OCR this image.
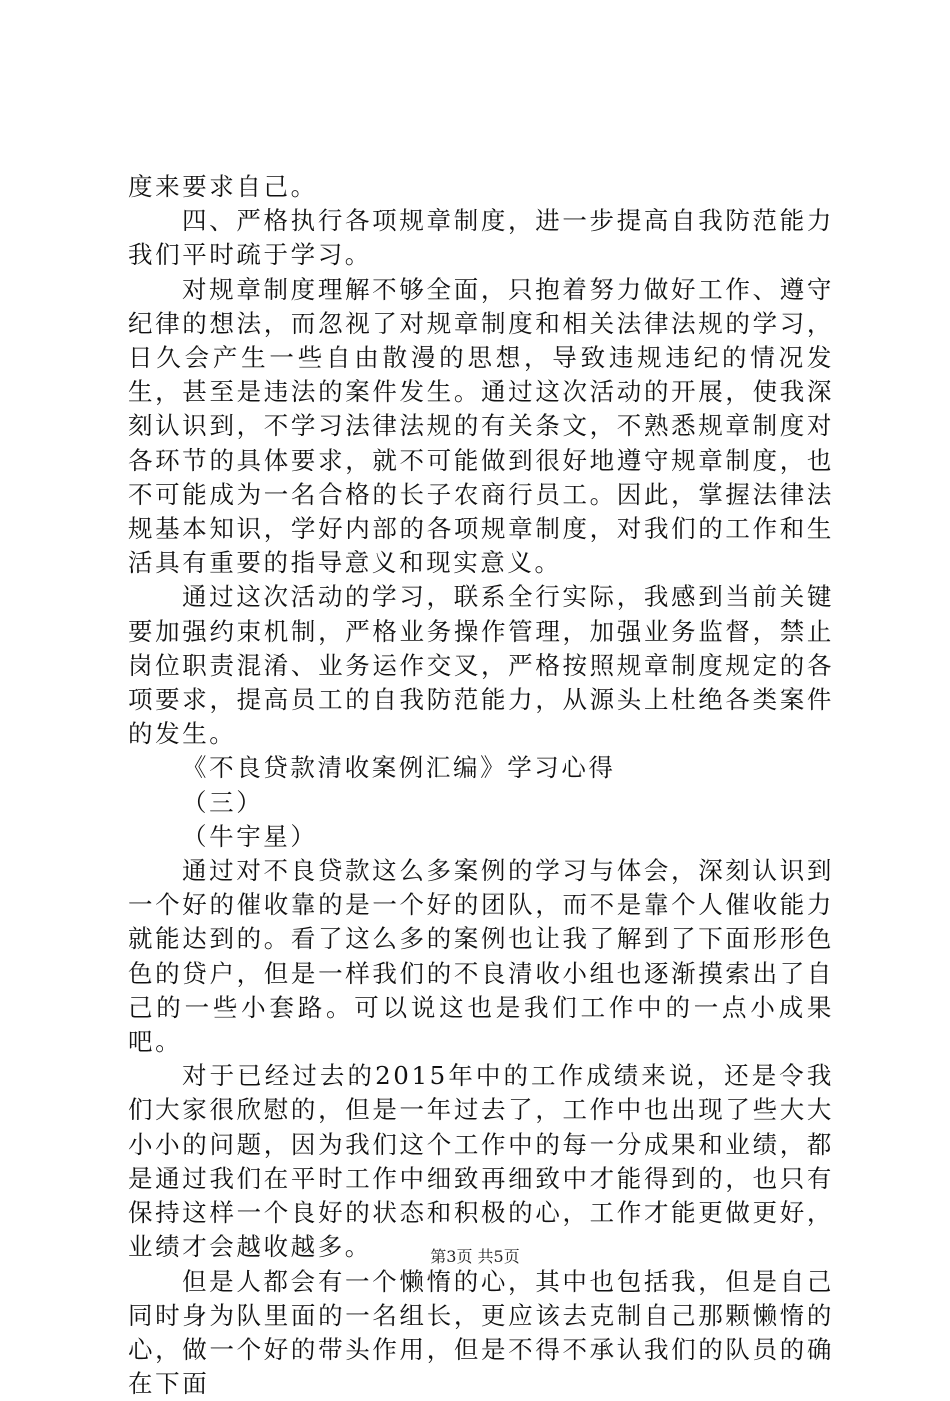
度来要求自己。

四、严格执行各项规章制度，进一步提高自我防范能力我们平时疏于学习。

对规章制度理解不够全面，只抱着努力做好工作、遵守纪律的想法，而忽视了对规章制度和相关法律法规的学习，日久会产生一些自由散漫的思想，导致违规违纪的情况发生，甚至是违法的案件发生。通过这次活动的开展，使我深刻认识到，不学习法律法规的有关条文，不熟悉规章制度对各环节的具体要求，就不可能做到很好地遵守规章制度，也不可能成为一名合格的长子农商行员工。因此，掌握法律法规基本知识，学好内部的各项规章制度，对我们的工作和生活具有重要的指导意义和现实意义。

通过这次活动的学习，联系全行实际，我感到当前关键要加强约束机制，严格业务操作管理，加强业务监督，禁止岗位职责混淆、业务运作交叉，严格按照规章制度规定的各项要求，提高员工的自我防范能力，从源头上杜绝各类案件的发生。

《不良贷款清收案例汇编》学习心得

（三）

（牛宇星）

通过对不良贷款这么多案例的学习与体会，深刻认识到一个好的催收靠的是一个好的团队，而不是靠个人催收能力就能达到的。看了这么多的案例也让我了解到了下面形形色色的贷户，但是一样我们的不良清收小组也逐渐摸索出了自己的一些小套路。可以说这也是我们工作中的一点小成果吧。

对于已经过去的2015年中的工作成绩来说，还是令我们大家很欣慰的，但是一年过去了，工作中也出现了些大大小小的问题，因为我们这个工作中的每一分成果和业绩，都是通过我们在平时工作中细致再细致中才能得到的，也只有保持这样一个良好的状态和积极的心，工作才能更做更好，业绩才会越收越多。

但是人都会有一个懒惰的心，其中也包括我，但是自己同时身为队里面的一名组长，更应该去克制自己那颗懒惰的心，做一个好的带头作用，但是不得不承认我们的队员的确在下面

第3页 共5页
